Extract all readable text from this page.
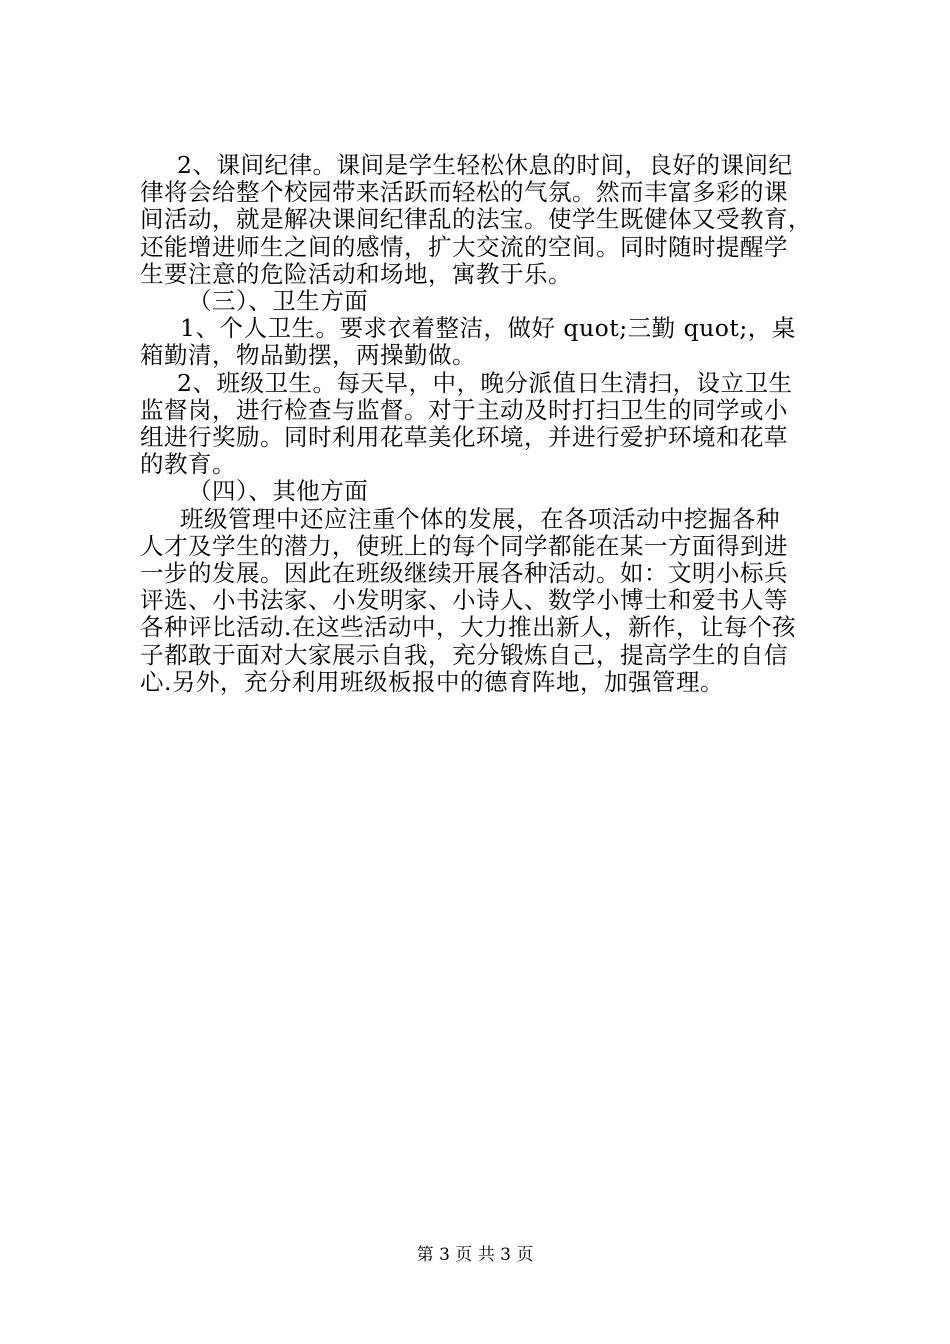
2、课间纪律。课间是学生轻松休息的时间，良好的课间纪
律将会给整个校园带来活跃而轻松的气氛。然而丰富多彩的课
间活动，就是解决课间纪律乱的法宝。使学生既健体又受教育，
还能增进师生之间的感情，扩大交流的空间。同时随时提醒学
生要注意的危险活动和场地，寓教于乐。
（三）、卫生方面
1、个人卫生。要求衣着整洁，做好 quot;三勤 quot;，桌
箱勤清，物品勤摆，两操勤做。
2、班级卫生。每天早，中，晚分派值日生清扫，设立卫生
监督岗，进行检查与监督。对于主动及时打扫卫生的同学或小
组进行奖励。同时利用花草美化环境，并进行爱护环境和花草
的教育。
（四）、其他方面
班级管理中还应注重个体的发展，在各项活动中挖掘各种
人才及学生的潜力，使班上的每个同学都能在某一方面得到进
一步的发展。因此在班级继续开展各种活动。如：文明小标兵
评选、小书法家、小发明家、小诗人、数学小博士和爱书人等
各种评比活动.在这些活动中，大力推出新人，新作，让每个孩
子都敢于面对大家展示自我，充分锻炼自己，提高学生的自信
心.另外，充分利用班级板报中的德育阵地，加强管理。
第 3 页 共 3 页
